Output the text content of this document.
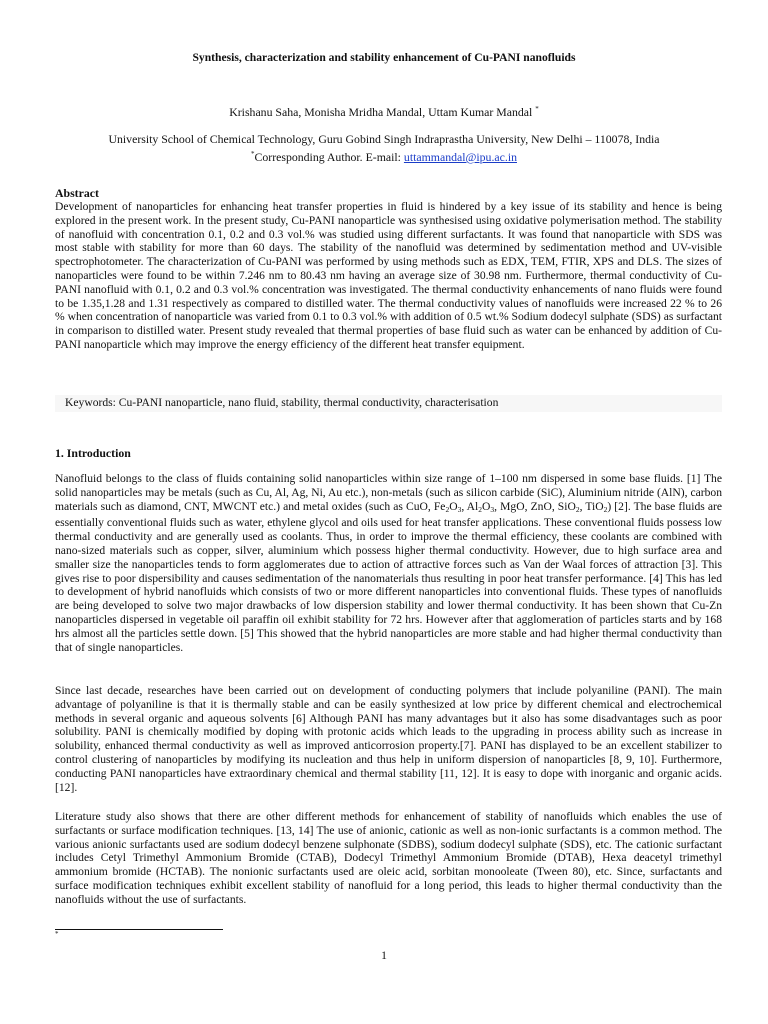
Synthesis, characterization and stability enhancement of Cu-PANI nanofluids
Krishanu Saha, Monisha Mridha Mandal, Uttam Kumar Mandal *
University School of Chemical Technology, Guru Gobind Singh Indraprastha University, New Delhi – 110078, India
*Corresponding Author. E-mail: uttammandal@ipu.ac.in
Abstract
Development of nanoparticles for enhancing heat transfer properties in fluid is hindered by a key issue of its stability and hence is being explored in the present work. In the present study, Cu-PANI nanoparticle was synthesised using oxidative polymerisation method. The stability of nanofluid with concentration 0.1, 0.2 and 0.3 vol.% was studied using different surfactants. It was found that nanoparticle with SDS was most stable with stability for more than 60 days. The stability of the nanofluid was determined by sedimentation method and UV-visible spectrophotometer. The characterization of Cu-PANI was performed by using methods such as EDX, TEM, FTIR, XPS and DLS. The sizes of nanoparticles were found to be within 7.246 nm to 80.43 nm having an average size of 30.98 nm. Furthermore, thermal conductivity of Cu-PANI nanofluid with 0.1, 0.2 and 0.3 vol.% concentration was investigated. The thermal conductivity enhancements of nano fluids were found to be 1.35,1.28 and 1.31 respectively as compared to distilled water. The thermal conductivity values of nanofluids were increased 22 % to 26 % when concentration of nanoparticle was varied from 0.1 to 0.3 vol.% with addition of 0.5 wt.% Sodium dodecyl sulphate (SDS) as surfactant in comparison to distilled water. Present study revealed that thermal properties of base fluid such as water can be enhanced by addition of Cu-PANI nanoparticle which may improve the energy efficiency of the different heat transfer equipment.
Keywords: Cu-PANI nanoparticle, nano fluid, stability, thermal conductivity, characterisation
1. Introduction
Nanofluid belongs to the class of fluids containing solid nanoparticles within size range of 1–100 nm dispersed in some base fluids. [1] The solid nanoparticles may be metals (such as Cu, Al, Ag, Ni, Au etc.), non-metals (such as silicon carbide (SiC), Aluminium nitride (AlN), carbon materials such as diamond, CNT, MWCNT etc.) and metal oxides (such as CuO, $Fe_2O_3$, $Al_2O_3$, MgO, ZnO, SiO$_2$, TiO$_2$) [2]. The base fluids are essentially conventional fluids such as water, ethylene glycol and oils used for heat transfer applications. These conventional fluids possess low thermal conductivity and are generally used as coolants. Thus, in order to improve the thermal efficiency, these coolants are combined with nano-sized materials such as copper, silver, aluminium which possess higher thermal conductivity. However, due to high surface area and smaller size the nanoparticles tends to form agglomerates due to action of attractive forces such as Van der Waal forces of attraction [3]. This gives rise to poor dispersibility and causes sedimentation of the nanomaterials thus resulting in poor heat transfer performance. [4] This has led to development of hybrid nanofluids which consists of two or more different nanoparticles into conventional fluids. These types of nanofluids are being developed to solve two major drawbacks of low dispersion stability and lower thermal conductivity. It has been shown that Cu-Zn nanoparticles dispersed in vegetable oil paraffin oil exhibit stability for 72 hrs. However after that agglomeration of particles starts and by 168 hrs almost all the particles settle down. [5] This showed that the hybrid nanoparticles are more stable and had higher thermal conductivity than that of single nanoparticles.
Since last decade, researches have been carried out on development of conducting polymers that include polyaniline (PANI). The main advantage of polyaniline is that it is thermally stable and can be easily synthesized at low price by different chemical and electrochemical methods in several organic and aqueous solvents [6] Although PANI has many advantages but it also has some disadvantages such as poor solubility. PANI is chemically modified by doping with protonic acids which leads to the upgrading in process ability such as increase in solubility, enhanced thermal conductivity as well as improved anticorrosion property.[7]. PANI has displayed to be an excellent stabilizer to control clustering of nanoparticles by modifying its nucleation and thus help in uniform dispersion of nanoparticles [8, 9, 10]. Furthermore, conducting PANI nanoparticles have extraordinary chemical and thermal stability [11, 12]. It is easy to dope with inorganic and organic acids. [12].
Literature study also shows that there are other different methods for enhancement of stability of nanofluids which enables the use of surfactants or surface modification techniques. [13, 14] The use of anionic, cationic as well as non-ionic surfactants is a common method. The various anionic surfactants used are sodium dodecyl benzene sulphonate (SDBS), sodium dodecyl sulphate (SDS), etc. The cationic surfactant includes Cetyl Trimethyl Ammonium Bromide (CTAB), Dodecyl Trimethyl Ammonium Bromide (DTAB), Hexa deacetyl trimethyl ammonium bromide (HCTAB). The nonionic surfactants used are oleic acid, sorbitan monooleate (Tween 80), etc. Since, surfactants and surface modification techniques exhibit excellent stability of nanofluid for a long period, this leads to higher thermal conductivity than the nanofluids without the use of surfactants.
*
1
